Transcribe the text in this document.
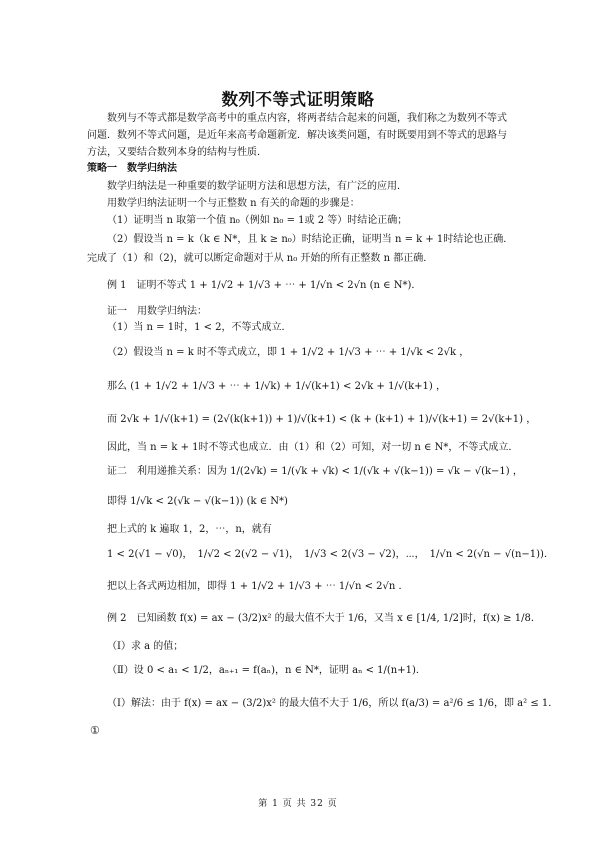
数列不等式证明策略
数列与不等式都是数学高考中的重点内容，将两者结合起来的问题，我们称之为数列不等式问题．数列不等式问题，是近年来高考命题新宠．解决该类问题，有时既要用到不等式的思路与方法，又要结合数列本身的结构与性质．
策略一　数学归纳法
数学归纳法是一种重要的数学证明方法和思想方法，有广泛的应用．
用数学归纳法证明一个与正整数 n 有关的命题的步骤是：
（1）证明当 n 取第一个值 n₀（例如 n₀ = 1或 2 等）时结论正确；
（2）假设当 n = k（k ∈ N*，且 k ≥ n₀）时结论正确，证明当 n = k + 1时结论也正确．
完成了（1）和（2)，就可以断定命题对于从 n₀ 开始的所有正整数 n 都正确．
例 1　证明不等式 1 + 1/√2 + 1/√3 + ⋯ + 1/√n < 2√n (n ∈ N*)．
证一　用数学归纳法：
（1）当 n = 1时，1 < 2，不等式成立．
（2）假设当 n = k 时不等式成立，即 1 + 1/√2 + 1/√3 + ⋯ + 1/√k < 2√k ，
那么 (1 + 1/√2 + 1/√3 + ⋯ + 1/√k) + 1/√(k+1) < 2√k + 1/√(k+1) ，
而 2√k + 1/√(k+1) = (2√(k(k+1)) + 1)/√(k+1) < (k + (k+1) + 1)/√(k+1) = 2√(k+1) ，
因此，当 n = k + 1时不等式也成立．由（1）和（2）可知，对一切 n ∈ N*，不等式成立．
证二　利用递推关系：因为 1/(2√k) = 1/(√k + √k) < 1/(√k + √(k−1)) = √k − √(k−1) ，
即得 1/√k < 2(√k − √(k−1)) (k ∈ N*)
把上式的 k 遍取 1，2，⋯，n，就有
1 < 2(√1 − √0)，　1/√2 < 2(√2 − √1)，　1/√3 < 2(√3 − √2)，⋯，　1/√n < 2(√n − √(n−1))．
把以上各式两边相加，即得 1 + 1/√2 + 1/√3 + ⋯ 1/√n < 2√n ．
例 2　已知函数 f(x) = ax − (3/2)x² 的最大值不大于 1/6，又当 x ∈ [1/4, 1/2]时，f(x) ≥ 1/8．
（Ⅰ）求 a 的值；
（Ⅱ）设 0 < a₁ < 1/2，aₙ₊₁ = f(aₙ)，n ∈ N*，证明 aₙ < 1/(n+1)．
（Ⅰ）解法：由于 f(x) = ax − (3/2)x² 的最大值不大于 1/6，所以 f(a/3) = a²/6 ≤ 1/6，即 a² ≤ 1．
①
第 1 页 共 32 页
